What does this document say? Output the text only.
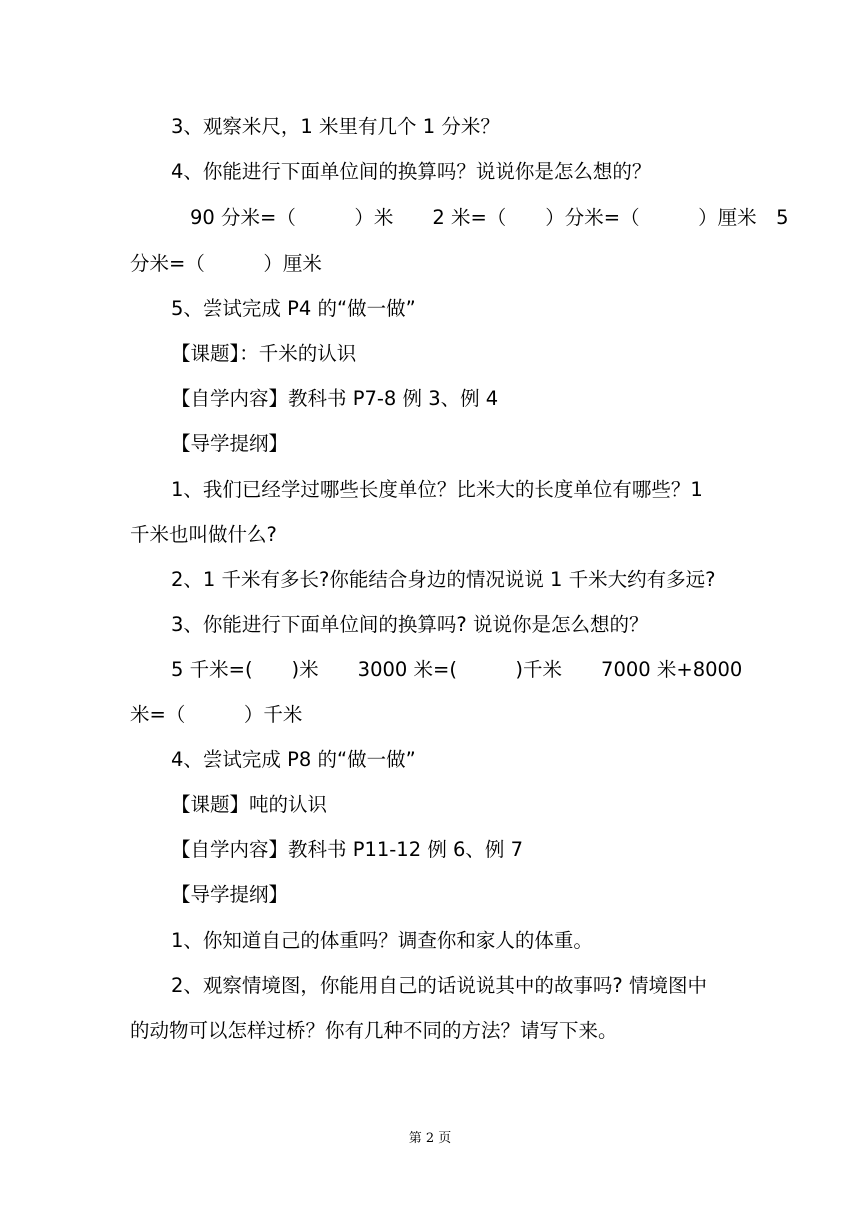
3、观察米尺，1 米里有几个 1 分米？
4、你能进行下面单位间的换算吗？说说你是怎么想的？
90 分米=（　　　）米　　2 米=（　　）分米=（　　　）厘米　5
分米=（　　　）厘米
5、尝试完成 P4 的“做一做”
【课题】：千米的认识
【自学内容】教科书 P7-8 例 3、例 4
【导学提纲】
1、我们已经学过哪些长度单位？比米大的长度单位有哪些？1
千米也叫做什么?
2、1 千米有多长?你能结合身边的情况说说 1 千米大约有多远?
3、你能进行下面单位间的换算吗? 说说你是怎么想的？
5 千米=(　　)米　　3000 米=(　　　)千米　　7000 米+8000
米=（　　　）千米
4、尝试完成 P8 的“做一做”
【课题】吨的认识
【自学内容】教科书 P11-12 例 6、例 7
【导学提纲】
1、你知道自己的体重吗？调查你和家人的体重。
2、观察情境图，你能用自己的话说说其中的故事吗? 情境图中
的动物可以怎样过桥？你有几种不同的方法？请写下来。
第 2 页
